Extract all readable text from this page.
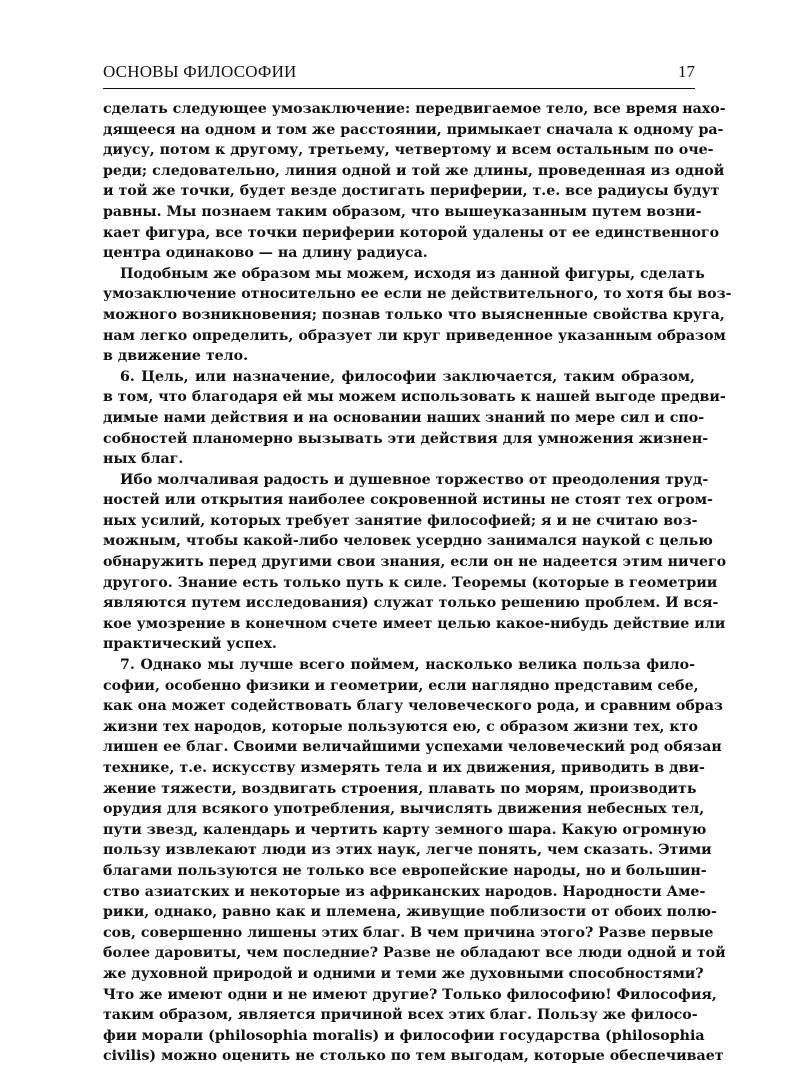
ОСНОВЫ ФИЛОСОФИИ	17
сделать следующее умозаключение: передвигаемое тело, все время нахо-
дящееся на одном и том же расстоянии, примыкает сначала к одному ра-
диусу, потом к другому, третьему, четвертому и всем остальным по оче-
реди; следовательно, линия одной и той же длины, проведенная из одной
и той же точки, будет везде достигать периферии, т.е. все радиусы будут
равны. Мы познаем таким образом, что вышеуказанным путем возни-
кает фигура, все точки периферии которой удалены от ее единственного
центра одинаково — на длину радиуса.
Подобным же образом мы можем, исходя из данной фигуры, сделать
умозаключение относительно ее если не действительного, то хотя бы воз-
можного возникновения; познав только что выясненные свойства круга,
нам легко определить, образует ли круг приведенное указанным образом
в движение тело.
6. Цель, или назначение, философии заключается, таким образом,
в том, что благодаря ей мы можем использовать к нашей выгоде предви-
димые нами действия и на основании наших знаний по мере сил и спо-
собностей планомерно вызывать эти действия для умножения жизнен-
ных благ.
Ибо молчаливая радость и душевное торжество от преодоления труд-
ностей или открытия наиболее сокровенной истины не стоят тех огром-
ных усилий, которых требует занятие философией; я и не считаю воз-
можным, чтобы какой-либо человек усердно занимался наукой с целью
обнаружить перед другими свои знания, если он не надеется этим ничего
другого. Знание есть только путь к силе. Теоремы (которые в геометрии
являются путем исследования) служат только решению проблем. И вся-
кое умозрение в конечном счете имеет целью какое-нибудь действие или
практический успех.
7. Однако мы лучше всего поймем, насколько велика польза фило-
софии, особенно физики и геометрии, если наглядно представим себе,
как она может содействовать благу человеческого рода, и сравним образ
жизни тех народов, которые пользуются ею, с образом жизни тех, кто
лишен ее благ. Своими величайшими успехами человеческий род обязан
технике, т.е. искусству измерять тела и их движения, приводить в дви-
жение тяжести, воздвигать строения, плавать по морям, производить
орудия для всякого употребления, вычислять движения небесных тел,
пути звезд, календарь и чертить карту земного шара. Какую огромную
пользу извлекают люди из этих наук, легче понять, чем сказать. Этими
благами пользуются не только все европейские народы, но и большин-
ство азиатских и некоторые из африканских народов. Народности Аме-
рики, однако, равно как и племена, живущие поблизости от обоих полю-
сов, совершенно лишены этих благ. В чем причина этого? Разве первые
более даровиты, чем последние? Разве не обладают все люди одной и той
же духовной природой и одними и теми же духовными способностями?
Что же имеют одни и не имеют другие? Только философию! Философия,
таким образом, является причиной всех этих благ. Пользу же филосо-
фии морали (philosophia moralis) и философии государства (philosophia
civilis) можно оценить не столько по тем выгодам, которые обеспечивает
